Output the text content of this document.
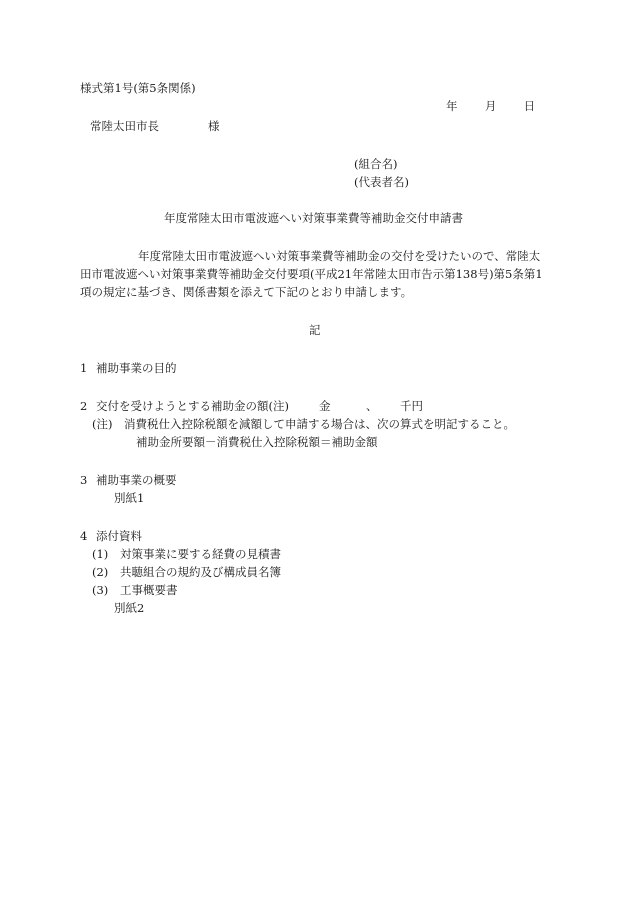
様式第1号(第5条関係)
年 月 日
常陸太田市長	様
(組合名)
(代表者名)
年度常陸太田市電波遮へい対策事業費等補助金交付申請書
年度常陸太田市電波遮へい対策事業費等補助金の交付を受けたいので、常陸太
田市電波遮へい対策事業費等補助金交付要項(平成21年常陸太田市告示第138号)第5条第1
項の規定に基づき、関係書類を添えて下記のとおり申請します。
記
1 補助事業の目的
2 交付を受けようとする補助金の額(注)	金	、 千円
(注) 消費税仕入控除税額を減額して申請する場合は、次の算式を明記すること。
補助金所要額－消費税仕入控除税額＝補助金額
3 補助事業の概要
別紙1
4 添付資料
(1) 対策事業に要する経費の見積書
(2) 共聴組合の規約及び構成員名簿
(3) 工事概要書
別紙2
